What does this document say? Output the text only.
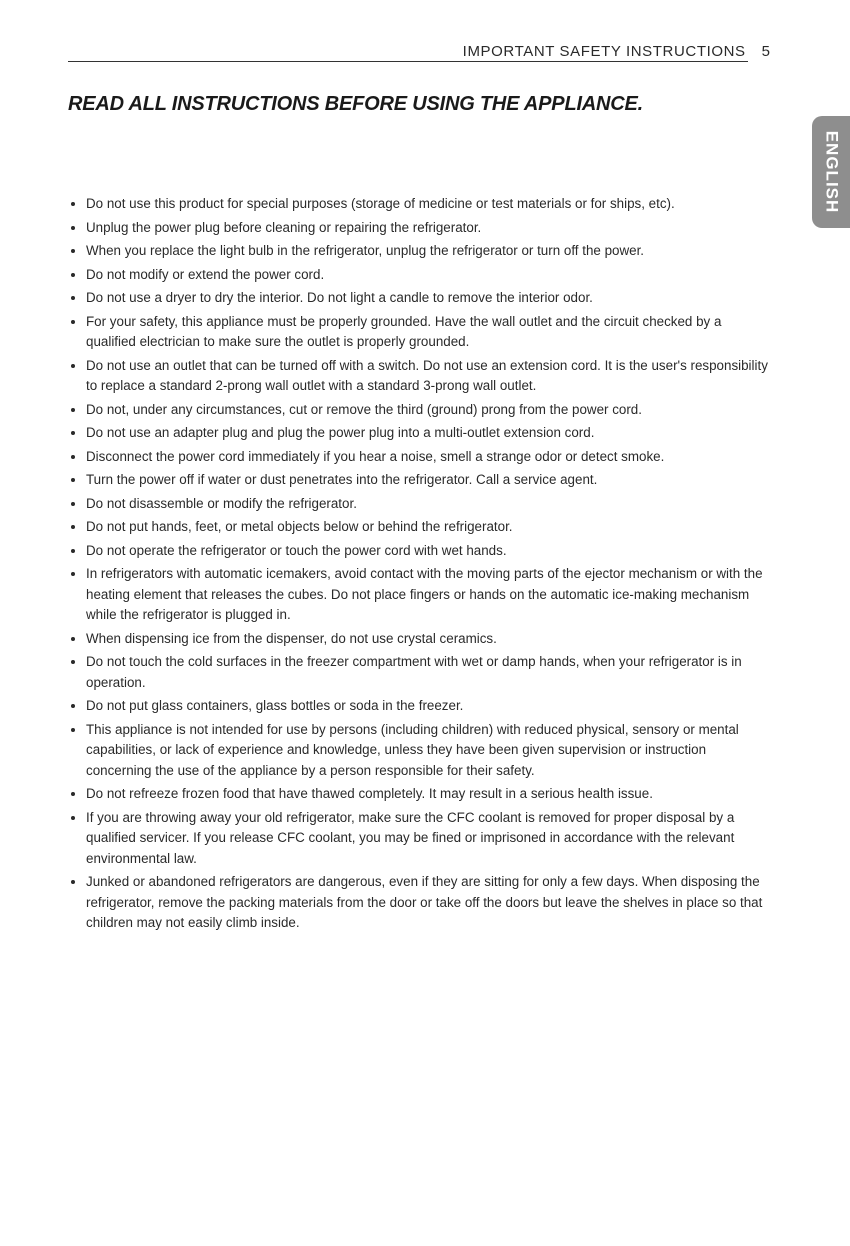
IMPORTANT SAFETY INSTRUCTIONS 5
READ ALL INSTRUCTIONS BEFORE USING THE APPLIANCE.
ENGLISH
Do not use this product for special purposes (storage of medicine or test materials or for ships, etc).
Unplug the power plug before cleaning or repairing the refrigerator.
When you replace the light bulb in the refrigerator, unplug the refrigerator or turn off the power.
Do not modify or extend the power cord.
Do not use a dryer to dry the interior. Do not light a candle to remove the interior odor.
For your safety, this appliance must be properly grounded. Have the wall outlet and the circuit checked by a qualified electrician to make sure the outlet is properly grounded.
Do not use an outlet that can be turned off with a switch. Do not use an extension cord. It is the user's responsibility to replace a standard 2-prong wall outlet with a standard 3-prong wall outlet.
Do not, under any circumstances, cut or remove the third (ground) prong from the power cord.
Do not use an adapter plug and plug the power plug into a multi-outlet extension cord.
Disconnect the power cord immediately if you hear a noise, smell a strange odor or detect smoke.
Turn the power off if water or dust penetrates into the refrigerator. Call a service agent.
Do not disassemble or modify the refrigerator.
Do not put hands, feet, or metal objects below or behind the refrigerator.
Do not operate the refrigerator or touch the power cord with wet hands.
In refrigerators with automatic icemakers, avoid contact with the moving parts of the ejector mechanism or with the heating element that releases the cubes. Do not place fingers or hands on the automatic ice-making mechanism while the refrigerator is plugged in.
When dispensing ice from the dispenser, do not use crystal ceramics.
Do not touch the cold surfaces in the freezer compartment with wet or damp hands, when your refrigerator is in operation.
Do not put glass containers, glass bottles or soda in the freezer.
This appliance is not intended for use by persons (including children) with reduced physical, sensory or mental capabilities, or lack of experience and knowledge, unless they have been given supervision or instruction concerning the use of the appliance by a person responsible for their safety.
Do not refreeze frozen food that have thawed completely. It may result in a serious health issue.
If you are throwing away your old refrigerator, make sure the CFC coolant is removed for proper disposal by a qualified servicer. If you release CFC coolant, you may be fined or imprisoned in accordance with the relevant environmental law.
Junked or abandoned refrigerators are dangerous, even if they are sitting for only a few days. When disposing the refrigerator, remove the packing materials from the door or take off the doors but leave the shelves in place so that children may not easily climb inside.
